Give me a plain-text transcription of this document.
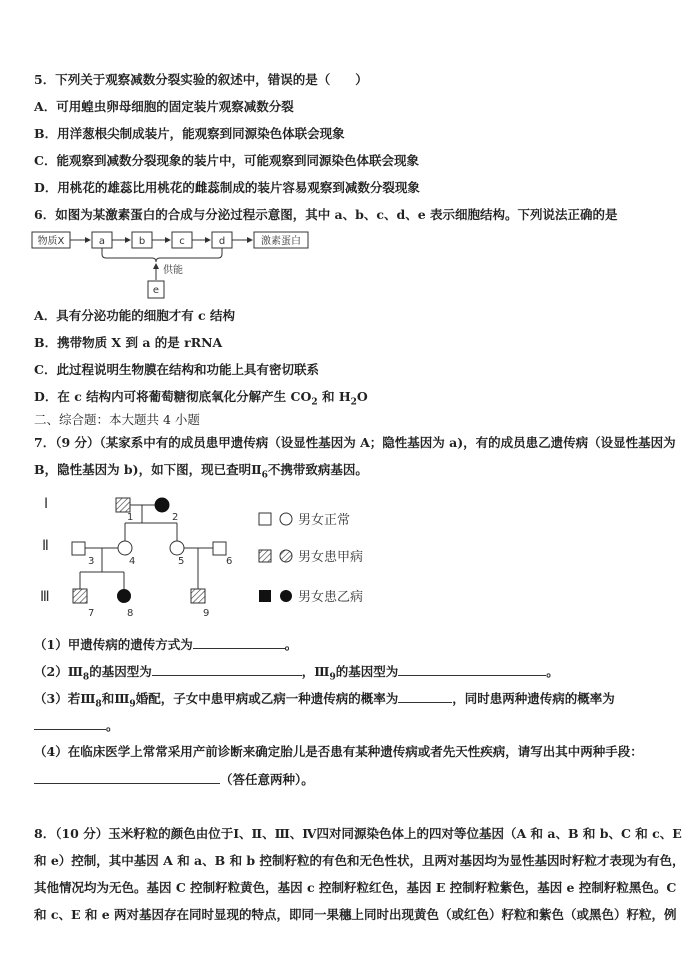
5．下列关于观察减数分裂实验的叙述中，错误的是（　　）
A．可用蝗虫卵母细胞的固定装片观察减数分裂
B．用洋葱根尖制成装片，能观察到同源染色体联会现象
C．能观察到减数分裂现象的装片中，可能观察到同源染色体联会现象
D．用桃花的雄蕊比用桃花的雌蕊制成的装片容易观察到减数分裂现象
6．如图为某激素蛋白的合成与分泌过程示意图，其中 a、b、c、d、e 表示细胞结构。下列说法正确的是
物质X	a	b	c	d	激素蛋白
供能
e
A．具有分泌功能的细胞才有 c 结构
B．携带物质 X 到 a 的是 rRNA
C．此过程说明生物膜在结构和功能上具有密切联系
D．在 c 结构内可将葡萄糖彻底氧化分解产生 $CO_2$ 和 $H_2O$
二、综合题：本大题共 4 小题
7．（9 分）（某家系中有的成员患甲遗传病（设显性基因为 A；隐性基因为 a)，有的成员患乙遗传病（设显性基因为
B，隐性基因为 b)，如下图，现已查明$Ⅱ_6$不携带致病基因。
Ⅰ
Ⅱ
Ⅲ
1	2
3	4	5	6
7	8	9
男女正常
男女患甲病
男女患乙病
（1）甲遗传病的遗传方式为	。
$(2)Ⅲ_8$的基因型为	，$Ⅲ_9$的基因型为	。
（3）若$Ⅲ_8$和$Ⅲ_9$婚配，子女中患甲病或乙病一种遗传病的概率为	，同时患两种遗传病的概率为
。
（4）在临床医学上常常采用产前诊断来确定胎儿是否患有某种遗传病或者先天性疾病，请写出其中两种手段：
（答任意两种）。
8．（10 分）玉米籽粒的颜色由位于Ⅰ、Ⅱ、Ⅲ、Ⅳ四对同源染色体上的四对等位基因（A 和 a、B 和 b、C 和 c、E
和 e）控制，其中基因 A 和 a、B 和 b 控制籽粒的有色和无色性状，且两对基因均为显性基因时籽粒才表现为有色，
其他情况均为无色。基因 C 控制籽粒黄色，基因 c 控制籽粒红色，基因 E 控制籽粒紫色，基因 e 控制籽粒黑色。C
和 c、E 和 e 两对基因存在同时显现的特点，即同一果穗上同时出现黄色（或红色）籽粒和紫色（或黑色）籽粒，例
